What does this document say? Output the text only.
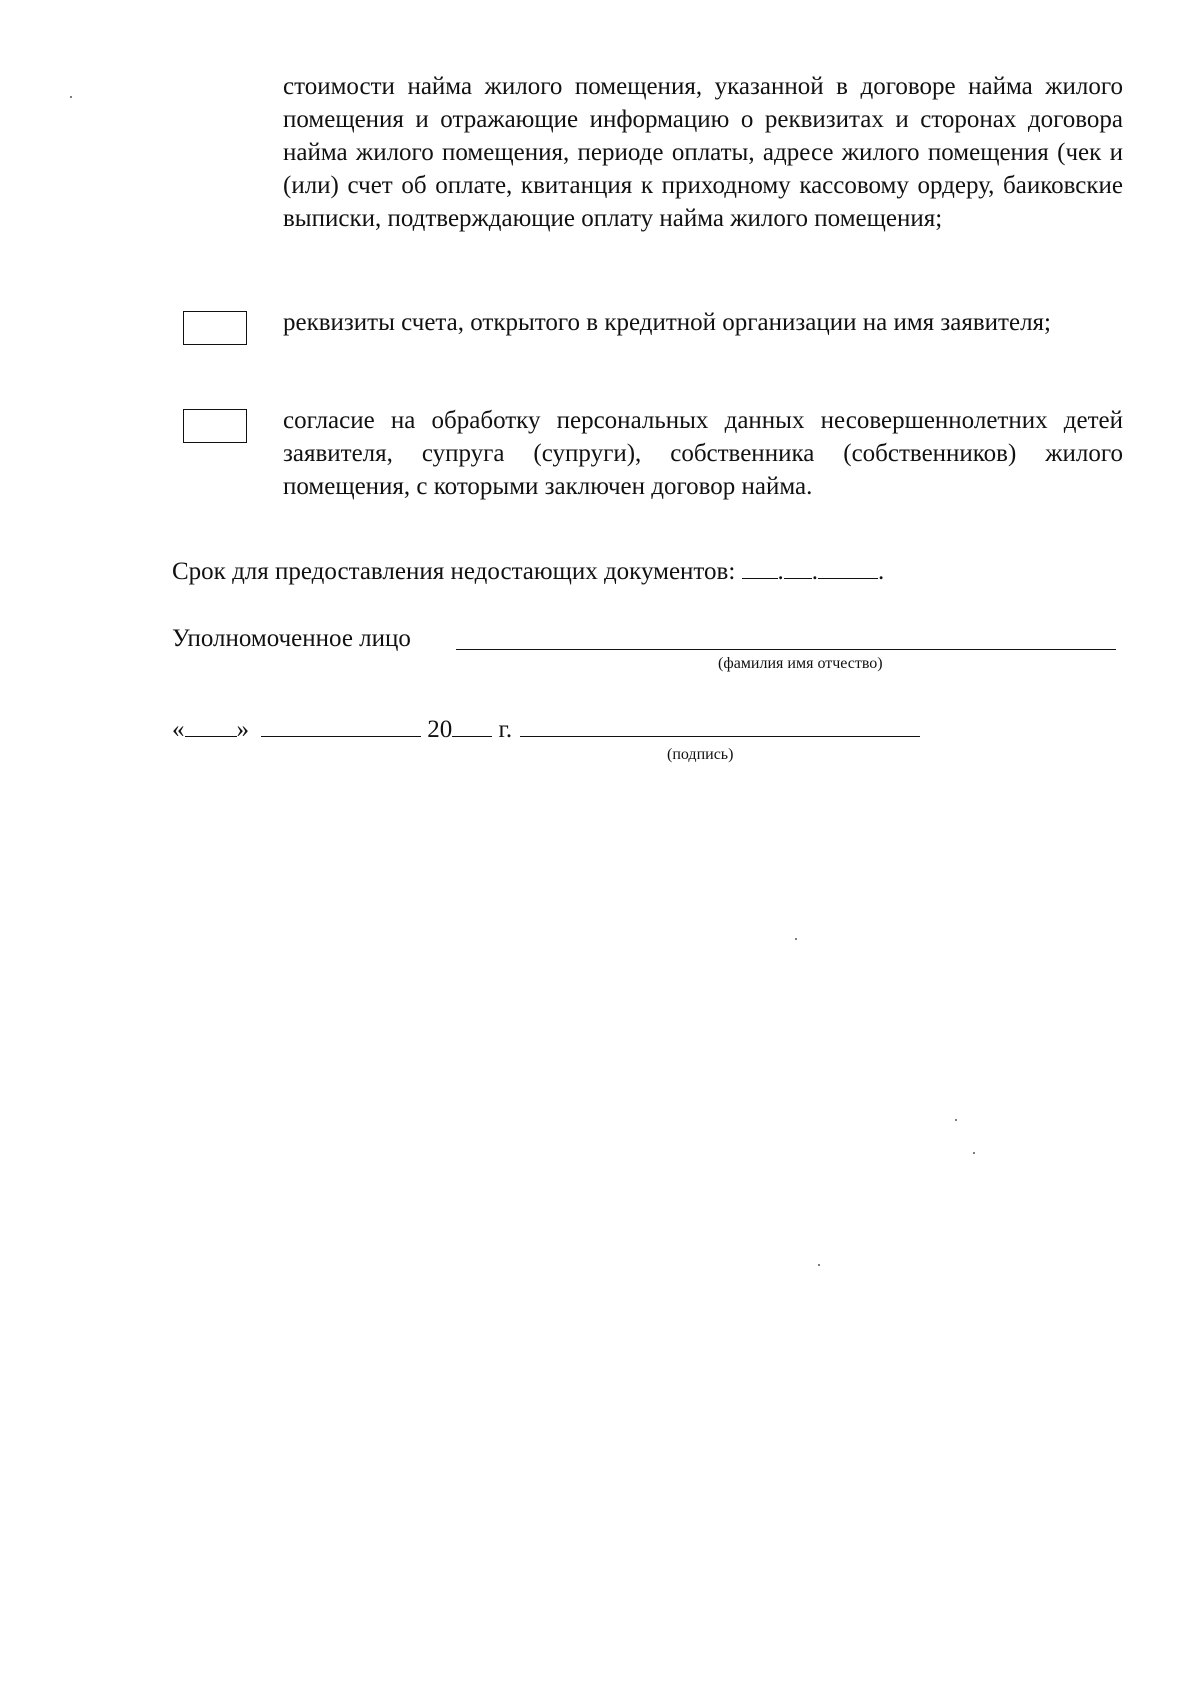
стоимости найма жилого помещения, указанной в договоре найма жилого помещения и отражающие информацию о реквизитах и сторонах договора найма жилого помещения, периоде оплаты, адресе жилого помещения (чек и (или) счет об оплате, квитанция к приходному кассовому ордеру, баиковские выписки, подтверждающие оплату найма жилого помещения;

реквизиты счета, открытого в кредитной организации на имя заявителя;

согласие на обработку персональных данных несовершеннолетних детей заявителя, супруга (супруги), собственника (собственников) жилого помещения, с которыми заключен договор найма.

Срок для предоставления недостающих документов: . . .
Уполномоченное лицо
(фамилия имя отчество)
« »	20 г.
(подпись)
